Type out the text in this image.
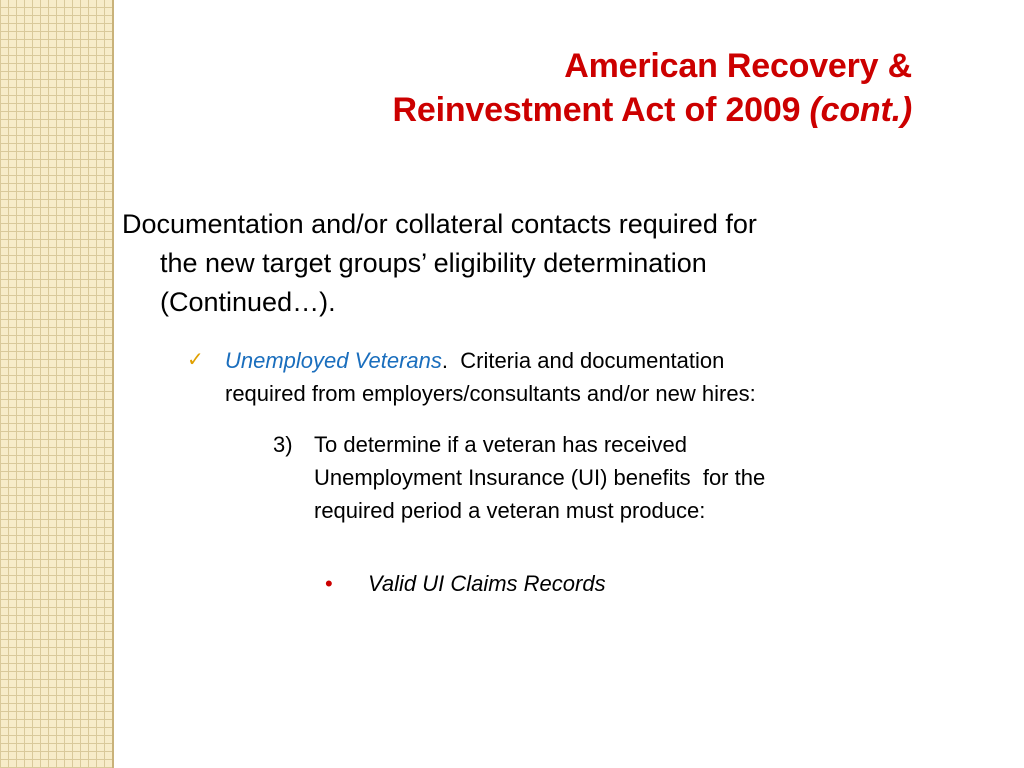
American Recovery &
Reinvestment Act of 2009 (cont.)
Documentation and/or collateral contacts required for
the new target groups’ eligibility determination
(Continued…).
✓ Unemployed Veterans.  Criteria and documentation
required from employers/consultants and/or new hires:
3) To determine if a veteran has received
Unemployment Insurance (UI) benefits  for the
required period a veteran must produce:
•	Valid UI Claims Records
